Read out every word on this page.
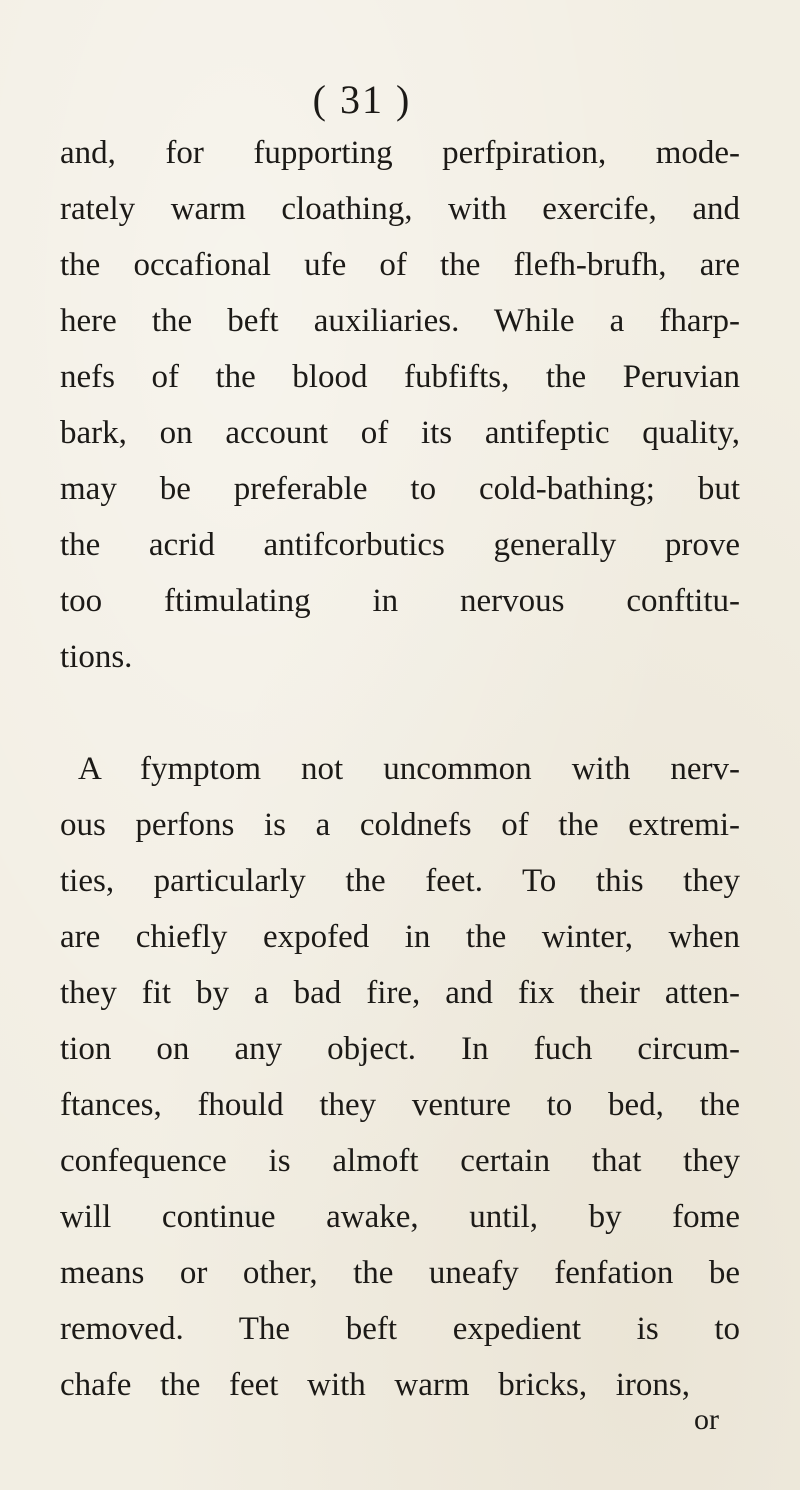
( 31 )
and, for fupporting perfpiration, mode-
rately warm cloathing, with exercife, and
the occafional ufe of the flefh-brufh, are
here the beft auxiliaries. While a fharp-
nefs of the blood fubfifts, the Peruvian
bark, on account of its antifeptic quality,
may be preferable to cold-bathing; but
the acrid antifcorbutics generally prove
too ftimulating in nervous conftitu-
tions.
A fymptom not uncommon with nerv-
ous perfons is a coldnefs of the extremi-
ties, particularly the feet. To this they
are chiefly expofed in the winter, when
they fit by a bad fire, and fix their atten-
tion on any object. In fuch circum-
ftances, fhould they venture to bed, the
confequence is almoft certain that they
will continue awake, until, by fome
means or other, the uneafy fenfation be
removed. The beft expedient is to
chafe the feet with warm bricks, irons,
or
